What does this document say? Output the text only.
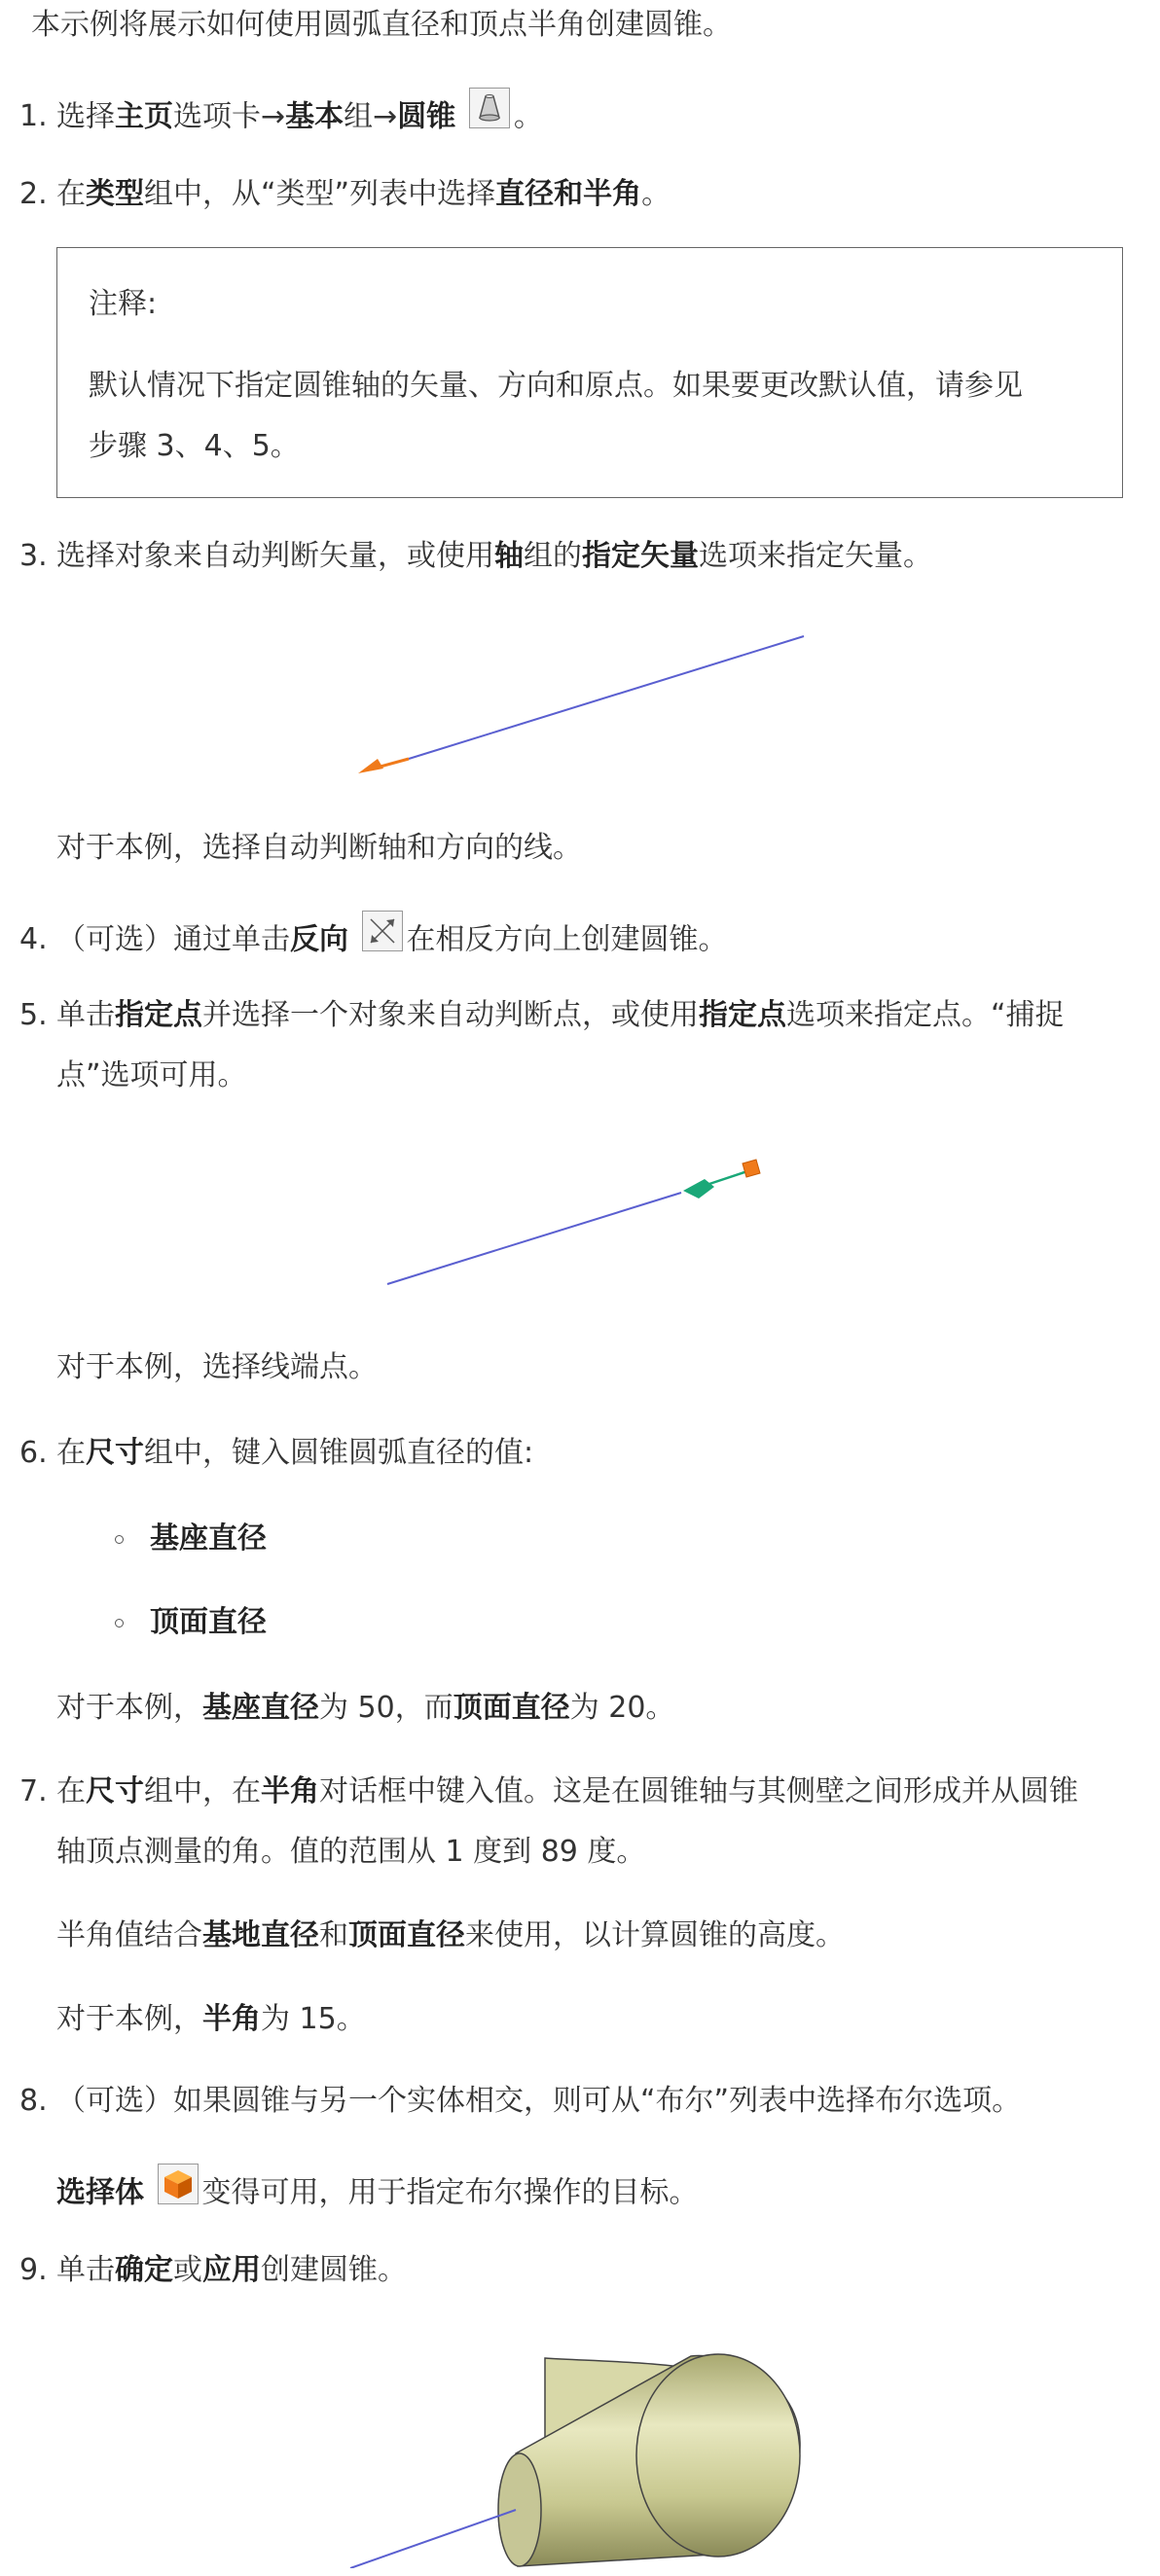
本示例将展示如何使用圆弧直径和顶点半角创建圆锥。
1. 选择主页选项卡→基本组→圆锥 。
2. 在类型组中，从“类型”列表中选择直径和半角。
注释:
默认情况下指定圆锥轴的矢量、方向和原点。如果要更改默认值，请参见
步骤 3、4、5。
3. 选择对象来自动判断矢量，或使用轴组的指定矢量选项来指定矢量。
对于本例，选择自动判断轴和方向的线。
4. （可选）通过单击反向 在相反方向上创建圆锥。
5. 单击指定点并选择一个对象来自动判断点，或使用指定点选项来指定点。“捕捉
点”选项可用。
对于本例，选择线端点。
6. 在尺寸组中，键入圆锥圆弧直径的值:
基座直径
顶面直径
对于本例，基座直径为 50，而顶面直径为 20。
7. 在尺寸组中，在半角对话框中键入值。这是在圆锥轴与其侧壁之间形成并从圆锥
轴顶点测量的角。值的范围从 1 度到 89 度。
半角值结合基地直径和顶面直径来使用，以计算圆锥的高度。
对于本例，半角为 15。
8. （可选）如果圆锥与另一个实体相交，则可从“布尔”列表中选择布尔选项。
选择体 变得可用，用于指定布尔操作的目标。
9. 单击确定或应用创建圆锥。
